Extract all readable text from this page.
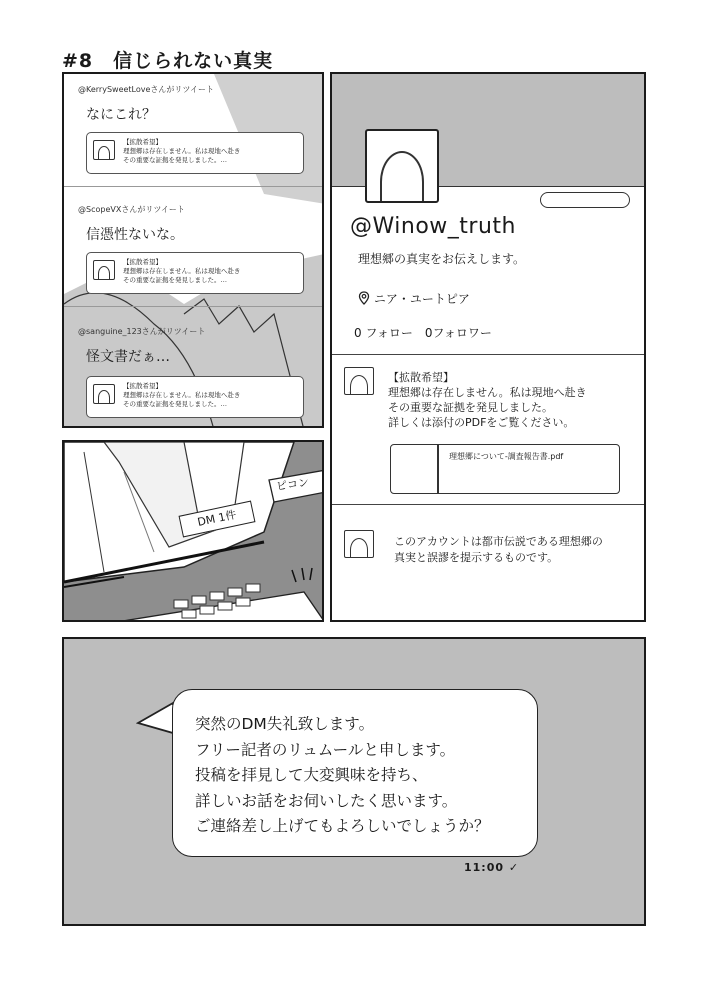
#8　信じられない真実
@KerrySweetLoveさんがリツイート
なにこれ？
【拡散希望】
理想郷は存在しません。私は現地へ赴き
その重要な証拠を発見しました。…
@ScopeVXさんがリツイート
信憑性ないな。
【拡散希望】
理想郷は存在しません。私は現地へ赴き
その重要な証拠を発見しました。…
@sanguine_123さんがリツイート
怪文書だぁ…
【拡散希望】
理想郷は存在しません。私は現地へ赴き
その重要な証拠を発見しました。…
@Winow_truth
理想郷の真実をお伝えします。
ニア・ユートピア
0 フォロー　0フォロワー
【拡散希望】
理想郷は存在しません。私は現地へ赴き
その重要な証拠を発見しました。
詳しくは添付のPDFをご覧ください。
理想郷について‐調査報告書.pdf
このアカウントは都市伝説である理想郷の
真実と誤謬を提示するものです。
DM 1件
ピコン
突然のDM失礼致します。
フリー記者のリュムールと申します。
投稿を拝見して大変興味を持ち、
詳しいお話をお伺いしたく思います。
ご連絡差し上げてもよろしいでしょうか？
11:00 ✓
